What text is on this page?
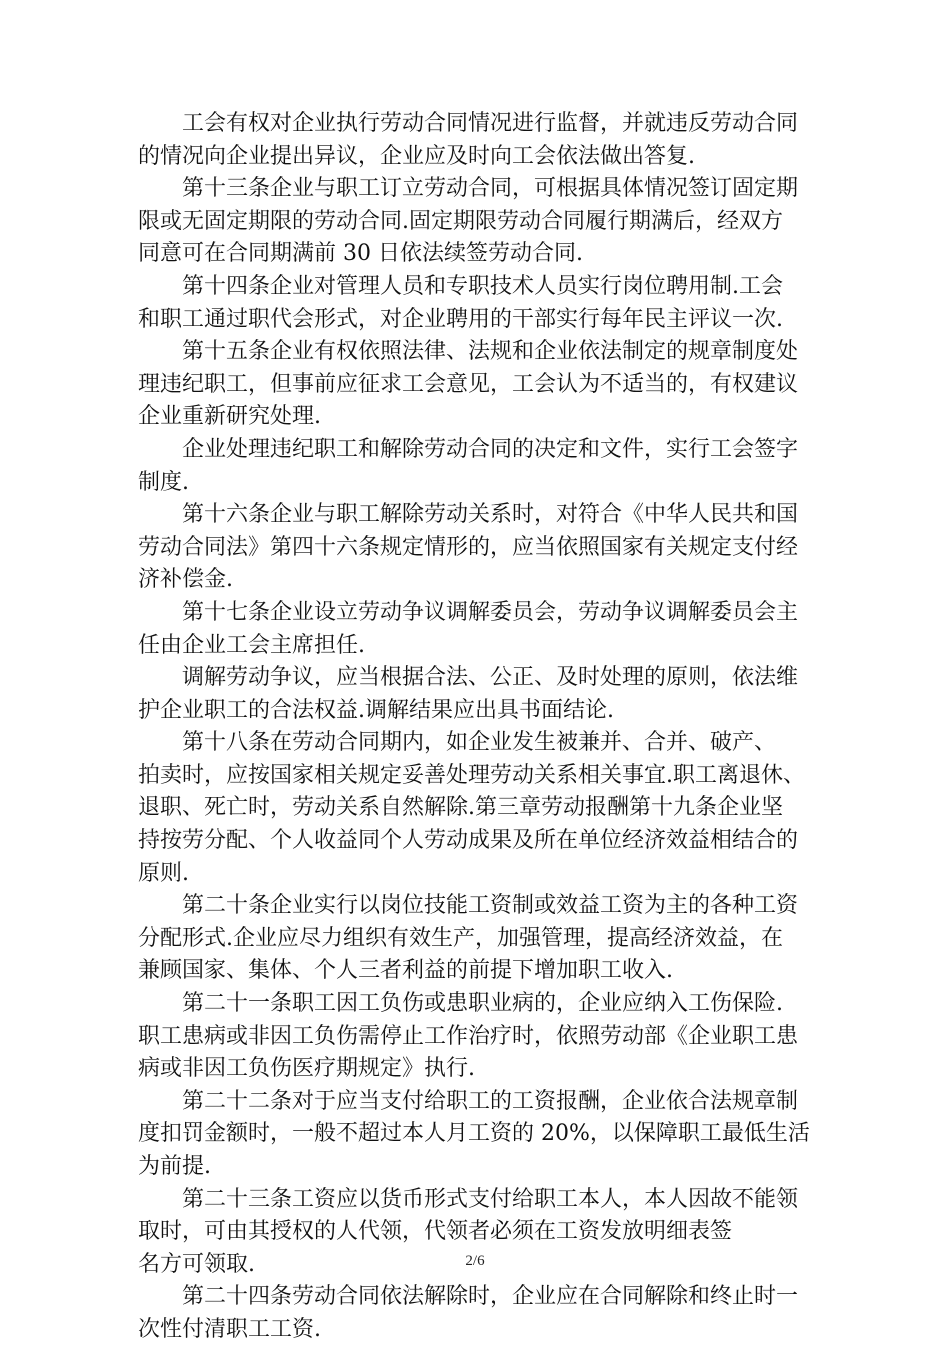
工会有权对企业执行劳动合同情况进行监督，并就违反劳动合同
的情况向企业提出异议，企业应及时向工会依法做出答复.

第十三条企业与职工订立劳动合同，可根据具体情况签订固定期
限或无固定期限的劳动合同.固定期限劳动合同履行期满后，经双方
同意可在合同期满前 30 日依法续签劳动合同.

第十四条企业对管理人员和专职技术人员实行岗位聘用制.工会
和职工通过职代会形式，对企业聘用的干部实行每年民主评议一次.

第十五条企业有权依照法律、法规和企业依法制定的规章制度处
理违纪职工，但事前应征求工会意见，工会认为不适当的，有权建议
企业重新研究处理.

企业处理违纪职工和解除劳动合同的决定和文件，实行工会签字
制度.

第十六条企业与职工解除劳动关系时，对符合《中华人民共和国
劳动合同法》第四十六条规定情形的，应当依照国家有关规定支付经
济补偿金.

第十七条企业设立劳动争议调解委员会，劳动争议调解委员会主
任由企业工会主席担任.

调解劳动争议，应当根据合法、公正、及时处理的原则，依法维
护企业职工的合法权益.调解结果应出具书面结论.

第十八条在劳动合同期内，如企业发生被兼并、合并、破产、
拍卖时，应按国家相关规定妥善处理劳动关系相关事宜.职工离退休、
退职、死亡时，劳动关系自然解除.第三章劳动报酬第十九条企业坚
持按劳分配、个人收益同个人劳动成果及所在单位经济效益相结合的
原则.

第二十条企业实行以岗位技能工资制或效益工资为主的各种工资
分配形式.企业应尽力组织有效生产，加强管理，提高经济效益，在
兼顾国家、集体、个人三者利益的前提下增加职工收入.

第二十一条职工因工负伤或患职业病的，企业应纳入工伤保险.
职工患病或非因工负伤需停止工作治疗时，依照劳动部《企业职工患
病或非因工负伤医疗期规定》执行.

第二十二条对于应当支付给职工的工资报酬，企业依合法规章制
度扣罚金额时，一般不超过本人月工资的 20%，以保障职工最低生活
为前提.

第二十三条工资应以货币形式支付给职工本人，本人因故不能领
取时，可由其授权的人代领，代领者必须在工资发放明细表签
名方可领取.

第二十四条劳动合同依法解除时，企业应在合同解除和终止时一
次性付清职工工资.

2/6
